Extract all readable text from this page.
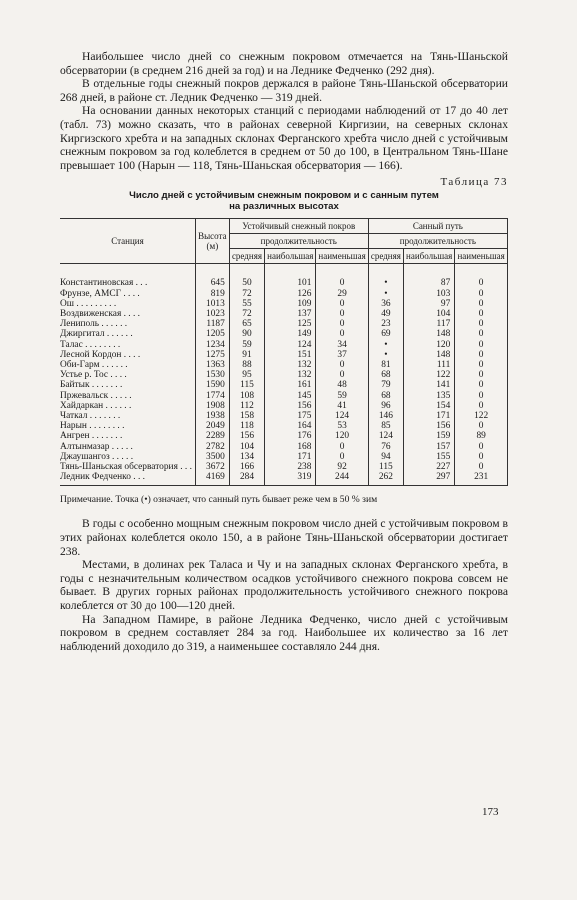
Наибольшее число дней со снежным покровом отмечается на Тянь-Шаньской обсерватории (в среднем 216 дней за год) и на Леднике Федченко (292 дня).

В отдельные годы снежный покров держался в районе Тянь-Шаньской обсерватории 268 дней, в районе ст. Ледник Федченко — 319 дней.

На основании данных некоторых станций с периодами наблюдений от 17 до 40 лет (табл. 73) можно сказать, что в районах северной Киргизии, на северных склонах Киргизского хребта и на западных склонах Ферганского хребта число дней с устойчивым снежным покровом за год колеблется в среднем от 50 до 100, в Центральном Тянь-Шане превышает 100 (Нарын — 118, Тянь-Шаньская обсерватория — 166).

Таблица 73
Число дней с устойчивым снежным покровом и с санным путем
на различных высотах
Станция	Высота (м)	Устойчивый снежный покров			Санный путь		
		продолжительность			продолжительность		
		средняя	наибольшая	наименьшая	средняя	наибольшая	наименьшая

Константиновская . . .	645	50	101	0	•	87	0
Фрунзе, АМСГ . . . .	819	72	126	29	•	103	0
Ош . . . . . . . . .	1013	55	109	0	36	97	0
Воздвиженская . . . .	1023	72	137	0	49	104	0
Лениполь . . . . . .	1187	65	125	0	23	117	0
Джиргитал . . . . . .	1205	90	149	0	69	148	0
Талас . . . . . . . .	1234	59	124	34	•	120	0
Лесной Кордон . . . .	1275	91	151	37	•	148	0
Оби-Гарм . . . . . .	1363	88	132	0	81	111	0
Устье р. Тос . . . .	1530	95	132	0	68	122	0
Байтык . . . . . . .	1590	115	161	48	79	141	0
Пржевальск . . . . .	1774	108	145	59	68	135	0
Хайдаркан . . . . . .	1908	112	156	41	96	154	0
Чаткал . . . . . . .	1938	158	175	124	146	171	122
Нарын . . . . . . . .	2049	118	164	53	85	156	0
Ангрен . . . . . . .	2289	156	176	120	124	159	89
Алтынмазар . . . . .	2782	104	168	0	76	157	0
Джаушангоз . . . . .	3500	134	171	0	94	155	0
Тянь-Шаньская обсерватория . . .	3672	166	238	92	115	227	0
Ледник Федченко . . .	4169	284	319	244	262	297	231
Примечание. Точка (•) означает, что санный путь бывает реже чем в 50 % зим

В годы с особенно мощным снежным покровом число дней с устойчивым покровом в этих районах колеблется около 150, а в районе Тянь-Шаньской обсерватории достигает 238.

Местами, в долинах рек Таласа и Чу и на западных склонах Ферганского хребта, в годы с незначительным количеством осадков устойчивого снежного покрова совсем не бывает. В других горных районах продолжительность устойчивого снежного покрова колеблется от 30 до 100—120 дней.

На Западном Памире, в районе Ледника Федченко, число дней с устойчивым покровом в среднем составляет 284 за год. Наибольшее их количество за 16 лет наблюдений доходило до 319, а наименьшее составляло 244 дня.

173
